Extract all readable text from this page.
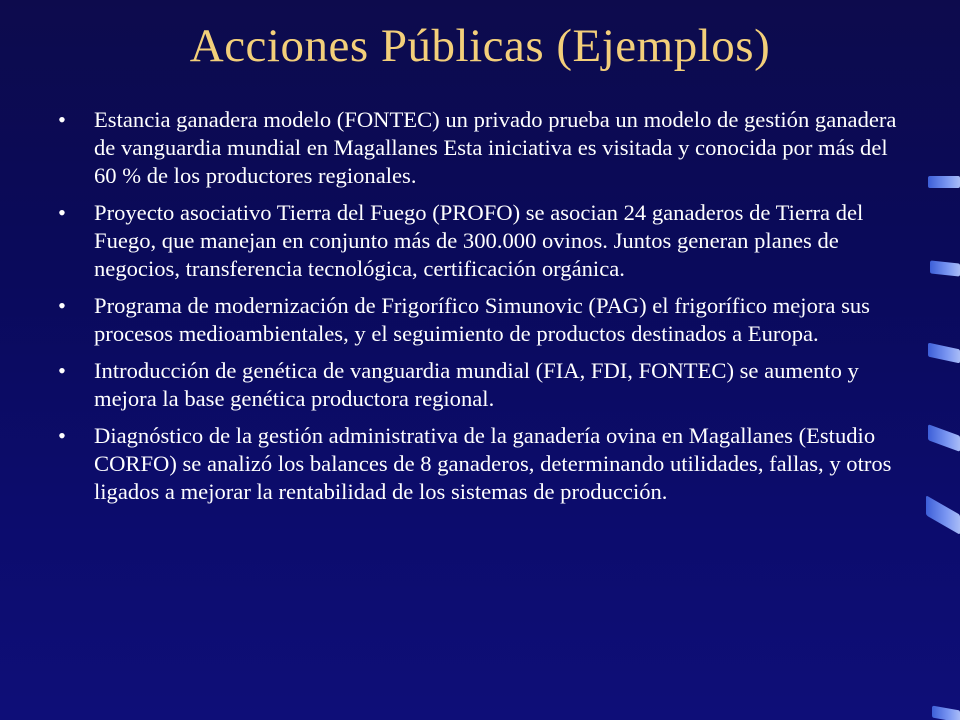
Acciones Públicas (Ejemplos)
• Estancia ganadera modelo (FONTEC) un privado prueba un modelo de gestión ganadera de vanguardia mundial en Magallanes Esta iniciativa es visitada y conocida por más del 60 % de los productores regionales.
• Proyecto asociativo Tierra del Fuego (PROFO) se asocian 24 ganaderos de Tierra del Fuego, que manejan en conjunto más de 300.000 ovinos. Juntos generan planes de negocios, transferencia tecnológica, certificación orgánica.
• Programa de modernización de Frigorífico Simunovic (PAG) el frigorífico mejora sus procesos medioambientales, y el seguimiento de productos destinados a Europa.
• Introducción de genética de vanguardia mundial (FIA, FDI, FONTEC) se aumento y mejora la base genética productora regional.
• Diagnóstico de la gestión administrativa de la ganadería ovina en Magallanes (Estudio CORFO) se analizó los balances de 8 ganaderos, determinando utilidades, fallas, y otros ligados a mejorar la rentabilidad de los sistemas de producción.
